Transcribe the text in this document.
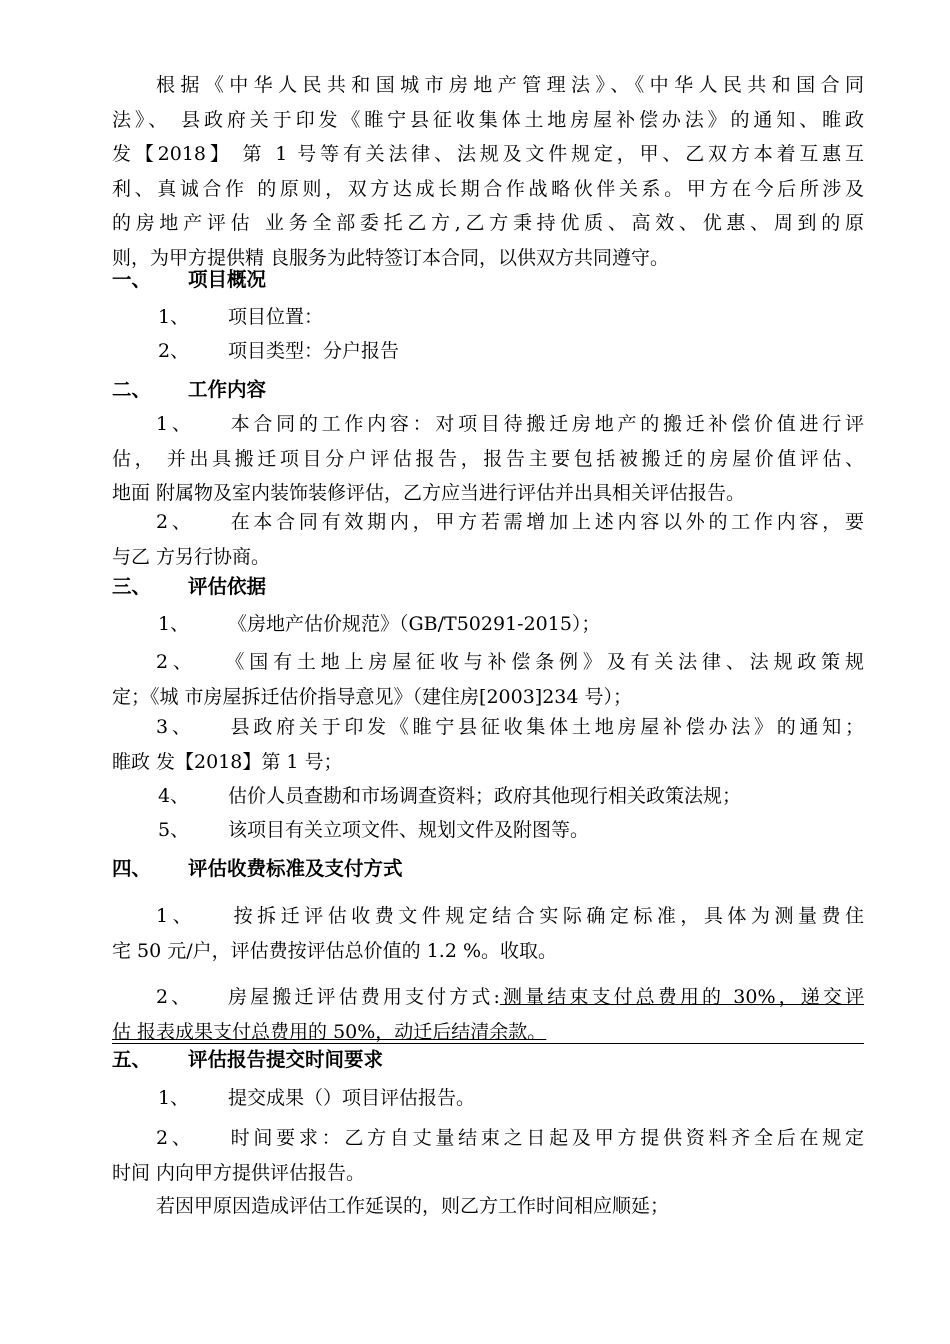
根据《中华人民共和国城市房地产管理法》、《中华人民共和国合同
法》、 县政府关于印发《睢宁县征收集体土地房屋补偿办法》的通知、睢政
发【2018】 第 1 号等有关法律、法规及文件规定，甲、乙双方本着互惠互
利、真诚合作 的原则，双方达成长期合作战略伙伴关系。甲方在今后所涉及
的房地产评估 业务全部委托乙方,乙方秉持优质、高效、优惠、周到的原
则，为甲方提供精 良服务为此特签订本合同，以供双方共同遵守。
一、 项目概况
1、 项目位置：
2、 项目类型：分户报告
二、 工作内容
1、　　本合同的工作内容：对项目待搬迁房地产的搬迁补偿价值进行评
估， 并出具搬迁项目分户评估报告，报告主要包括被搬迁的房屋价值评估、
地面 附属物及室内装饰装修评估，乙方应当进行评估并出具相关评估报告。
2、　　在本合同有效期内，甲方若需增加上述内容以外的工作内容，要
与乙 方另行协商。
三、 评估依据
1、 《房地产估价规范》（GB/T50291-2015）；
2、　　《国有土地上房屋征收与补偿条例》及有关法律、法规政策规
定；《城 市房屋拆迁估价指导意见》（建住房[2003]234 号）；
3、　　县政府关于印发《睢宁县征收集体土地房屋补偿办法》的通知；
睢政 发【2018】第 1 号；
4、 估价人员查勘和市场调查资料；政府其他现行相关政策法规；
5、 该项目有关立项文件、规划文件及附图等。
四、 评估收费标准及支付方式
1、　　按拆迁评估收费文件规定结合实际确定标准，具体为测量费住
宅 50 元/户，评估费按评估总价值的 1.2 %。收取。
2、　　房屋搬迁评估费用支付方式:测量结束支付总费用的 30%，递交评
估 报表成果支付总费用的 50%，动迁后结清余款。
五、 评估报告提交时间要求
1、 提交成果（）项目评估报告。
2、　　时间要求：乙方自丈量结束之日起及甲方提供资料齐全后在规定
时间 内向甲方提供评估报告。
若因甲原因造成评估工作延误的，则乙方工作时间相应顺延；
